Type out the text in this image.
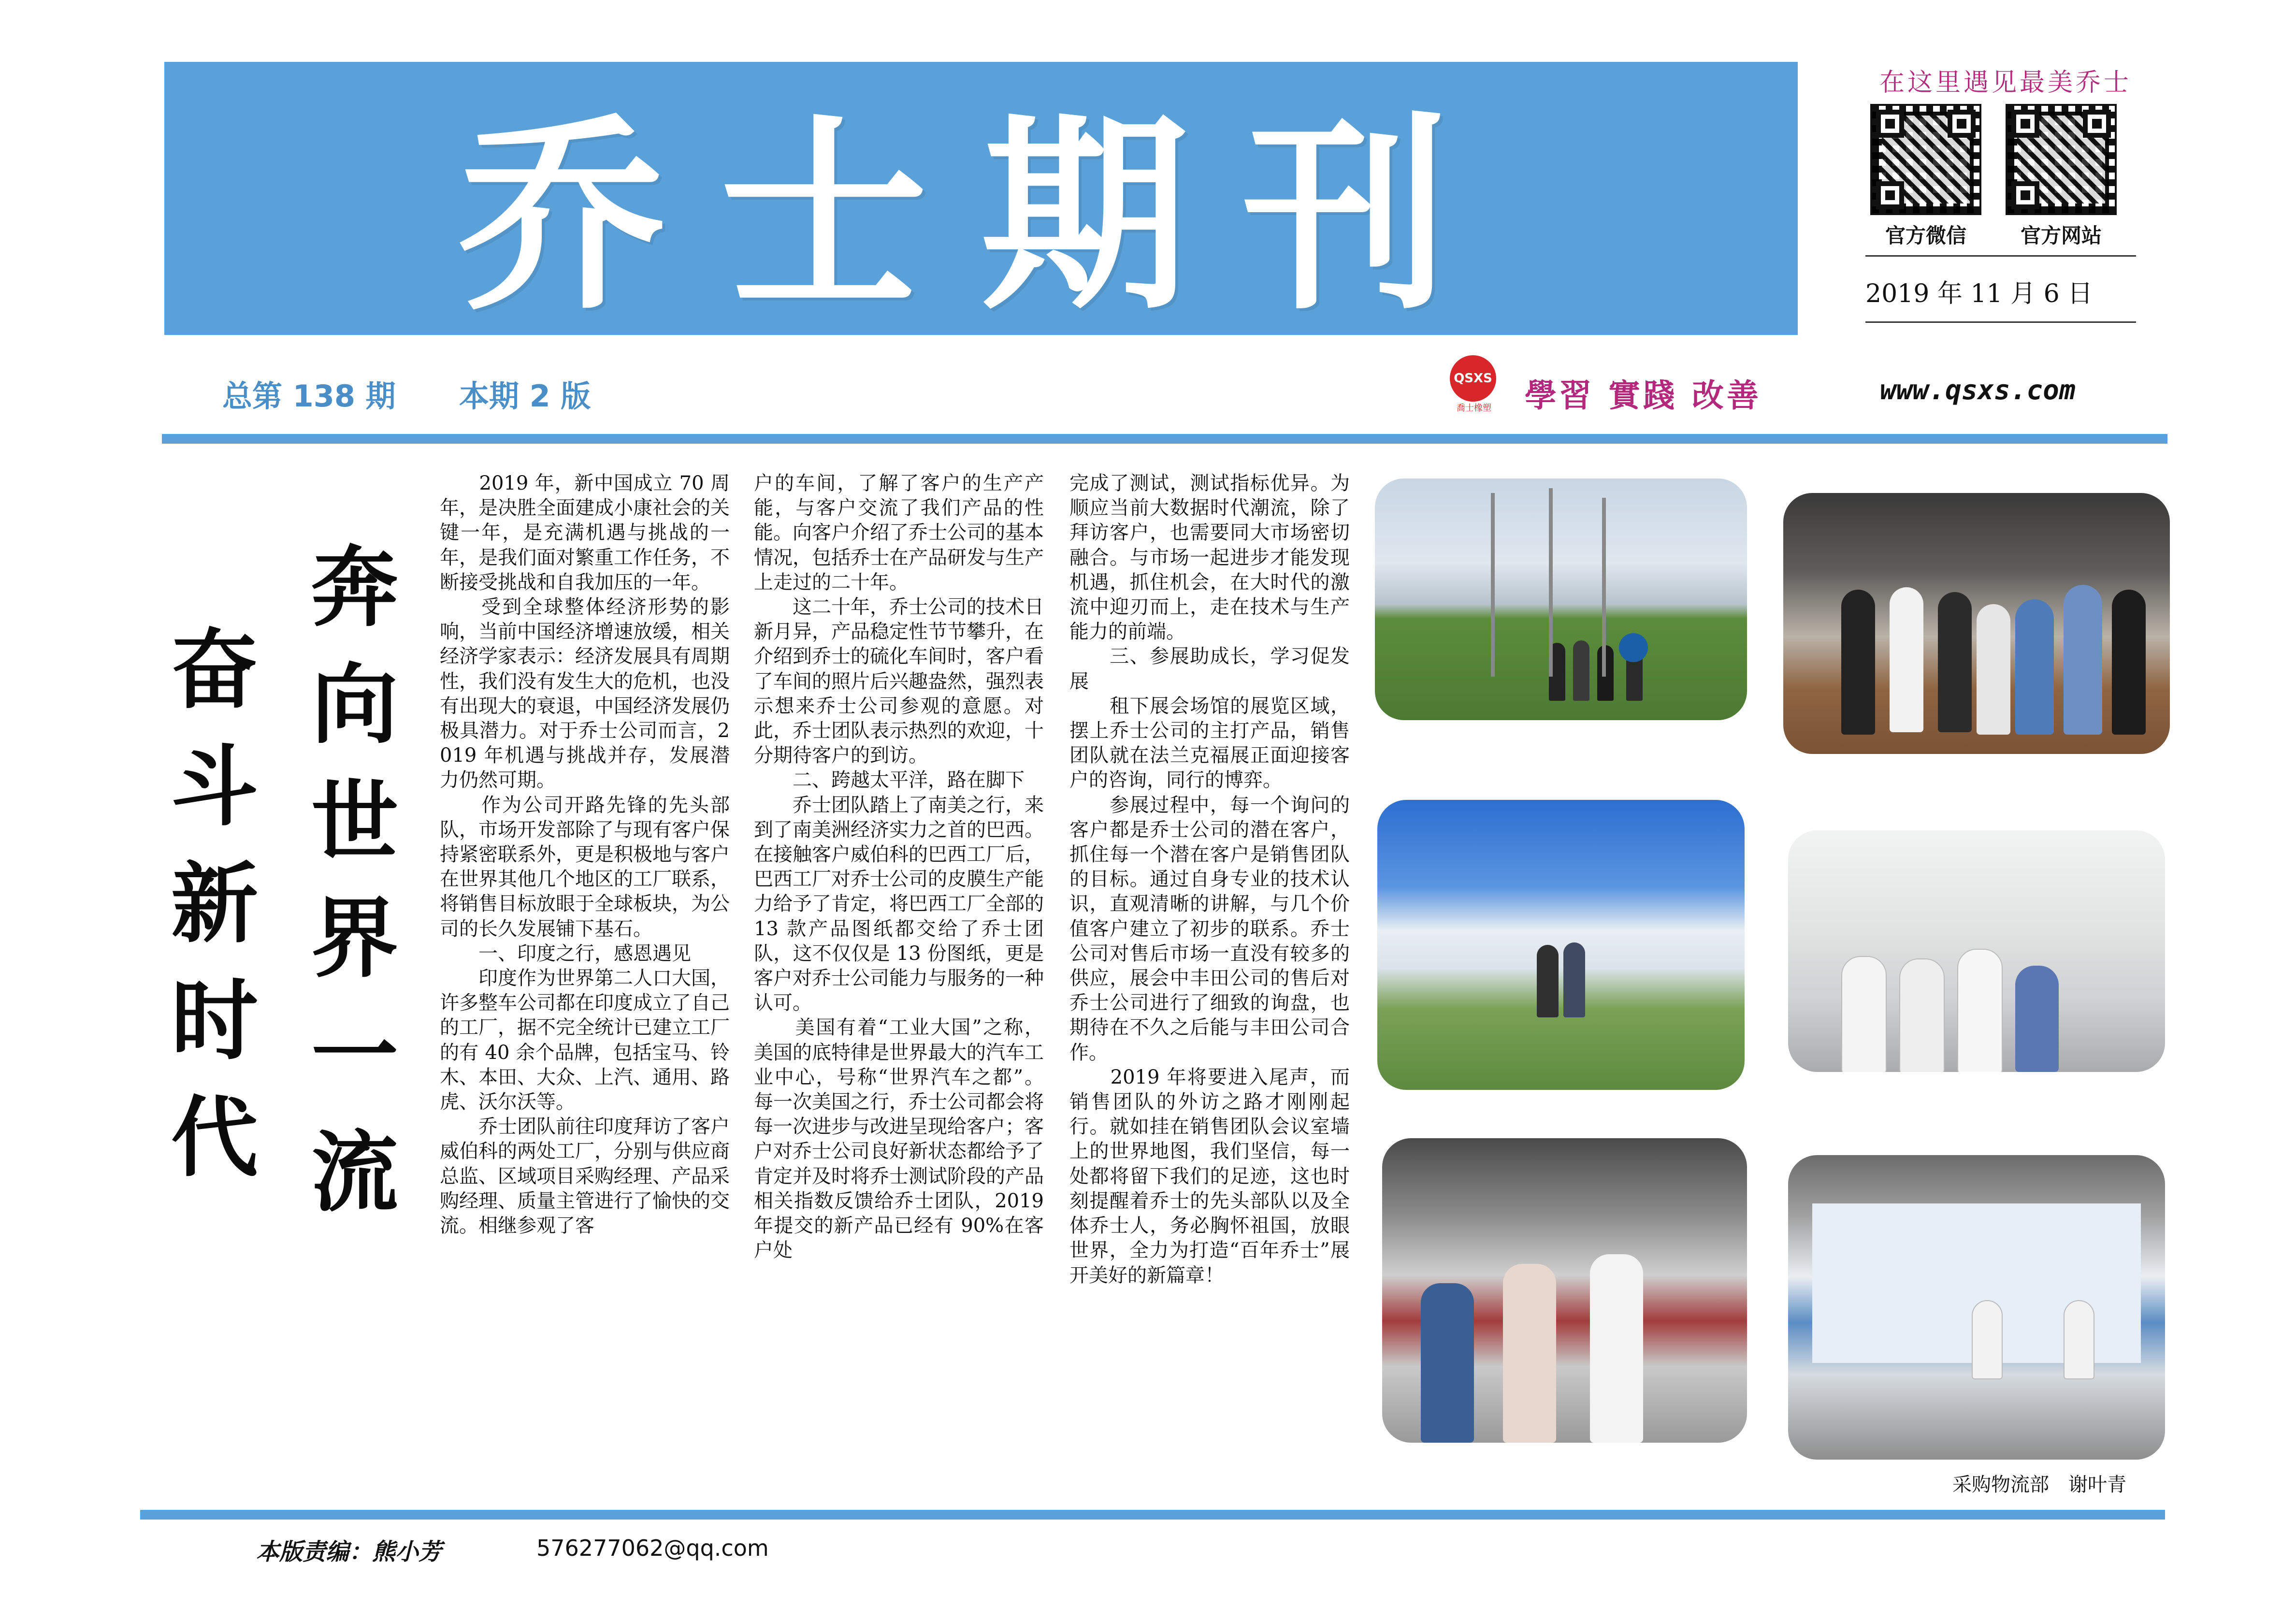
乔士期刊
在这里遇见最美乔士
官方微信	官方网站
2019 年 11 月 6 日
总第 138 期 本期 2 版	QSXS
喬士橡塑	學習 實踐 改善	www.qsxs.com
奔向世界一流
奋斗新时代
　　2019 年，新中国成立 70 周年，是决胜全面建成小康社会的关键一年，是充满机遇与挑战的一年，是我们面对繁重工作任务，不断接受挑战和自我加压的一年。
　　受到全球整体经济形势的影响，当前中国经济增速放缓，相关经济学家表示：经济发展具有周期性，我们没有发生大的危机，也没有出现大的衰退，中国经济发展仍极具潜力。对于乔士公司而言，2019 年机遇与挑战并存，发展潜力仍然可期。
　　作为公司开路先锋的先头部队，市场开发部除了与现有客户保持紧密联系外，更是积极地与客户在世界其他几个地区的工厂联系，将销售目标放眼于全球板块，为公司的长久发展铺下基石。
　　一、印度之行，感恩遇见
　　印度作为世界第二人口大国，许多整车公司都在印度成立了自己的工厂，据不完全统计已建立工厂的有 40 余个品牌，包括宝马、铃木、本田、大众、上汽、通用、路虎、沃尔沃等。
　　乔士团队前往印度拜访了客户威伯科的两处工厂，分别与供应商总监、区域项目采购经理、产品采购经理、质量主管进行了愉快的交流。相继参观了客
户的车间，了解了客户的生产产能，与客户交流了我们产品的性能。向客户介绍了乔士公司的基本情况，包括乔士在产品研发与生产上走过的二十年。
　　这二十年，乔士公司的技术日新月异，产品稳定性节节攀升，在介绍到乔士的硫化车间时，客户看了车间的照片后兴趣盎然，强烈表示想来乔士公司参观的意愿。对此，乔士团队表示热烈的欢迎，十分期待客户的到访。
　　二、跨越太平洋，路在脚下
　　乔士团队踏上了南美之行，来到了南美洲经济实力之首的巴西。在接触客户威伯科的巴西工厂后，巴西工厂对乔士公司的皮膜生产能力给予了肯定，将巴西工厂全部的 13 款产品图纸都交给了乔士团队，这不仅仅是 13 份图纸，更是客户对乔士公司能力与服务的一种认可。
　　美国有着“工业大国”之称，美国的底特律是世界最大的汽车工业中心，号称“世界汽车之都”。每一次美国之行，乔士公司都会将每一次进步与改进呈现给客户；客户对乔士公司良好新状态都给予了肯定并及时将乔士测试阶段的产品相关指数反馈给乔士团队，2019 年提交的新产品已经有 90%在客户处
完成了测试，测试指标优异。为顺应当前大数据时代潮流，除了拜访客户，也需要同大市场密切融合。与市场一起进步才能发现机遇，抓住机会，在大时代的激流中迎刃而上，走在技术与生产能力的前端。
　　三、参展助成长，学习促发展
　　租下展会场馆的展览区域，摆上乔士公司的主打产品，销售团队就在法兰克福展正面迎接客户的咨询，同行的博弈。
　　参展过程中，每一个询问的客户都是乔士公司的潜在客户，抓住每一个潜在客户是销售团队的目标。通过自身专业的技术认识，直观清晰的讲解，与几个价值客户建立了初步的联系。乔士公司对售后市场一直没有较多的供应，展会中丰田公司的售后对乔士公司进行了细致的询盘，也期待在不久之后能与丰田公司合作。
　　2019 年将要进入尾声，而销售团队的外访之路才刚刚起行。就如挂在销售团队会议室墙上的世界地图，我们坚信，每一处都将留下我们的足迹，这也时刻提醒着乔士的先头部队以及全体乔士人，务必胸怀祖国，放眼世界，全力为打造“百年乔士”展开美好的新篇章！
采购物流部　谢叶青
本版责编：熊小芳	576277062@qq.com
